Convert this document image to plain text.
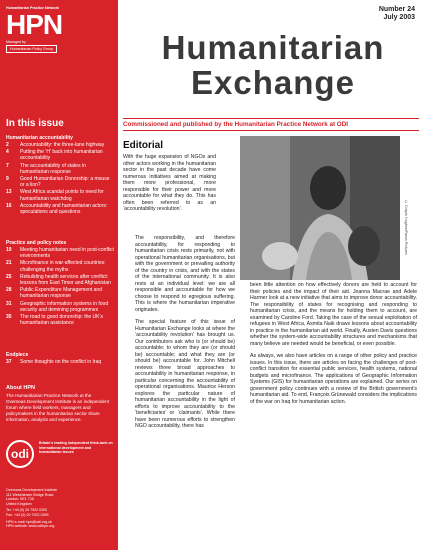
Humanitarian Practice Network
HPN
Managed by
Humanitarian Policy Group
In this issue
Humanitarian accountability
2	Accountability: the three-lane highway
4	Putting the ‘H’ back into humanitarian accountability
7	The accountability of states in humanitarian response
9	Good Humanitarian Donorship: a mouse or a lion?
13	West Africa scandal points to need for humanitarian watchdog
16	Accountability and humanitarian actors: speculations and questions
Practice and policy notes
19	Meeting humanitarian need in post-conflict environments
21	Microfinance in war-affected countries: challenging the myths
25	Rebuilding health services after conflict: lessons from East Timor and Afghanistan
28	Public Expenditure Management and humanitarian response
31	Geographic information systems in food security and demining programmes
35	The road to good donorship: the UK’s humanitarian assistance
Endpiece
37	Some thoughts on the conflict in Iraq
About HPN
The Humanitarian Practice Network at the Overseas Development Institute is an independent forum where field workers, managers and policymakers in the humanitarian sector share information, analysis and experience.
odi
Britain’s leading independent think-tank on international development and humanitarian issues
Overseas Development Institute
111 Westminster Bridge Road
London, SE1 7JD
United Kingdom
Tel. +44 (0) 20 7922 0300
Fax. +44 (0) 20 7922 0399
HPN e-mail: hpn@odi.org.uk
HPN website: www.odihpn.org
Number 24
July 2003
Humanitarian
Exchange
Commissioned and published by the Humanitarian Practice Network at ODI
Editorial

With the huge expansion of NGOs and other actors working in the humanitarian sector in the past decade have come numerous initiatives aimed at making them more professional, more responsible for their power and more accountable for what they do. This has often been referred to as an ‘accountability revolution’.

The responsibility, and therefore accountability, for responding to humanitarian crisis rests primarily, not with operational humanitarian organisations, but with the government or prevailing authority of the country in crisis, and with the states of the international community. It is also rests at an individual level: we are all responsible and accountable for how we choose to respond to egregious suffering. This is where the humanitarian imperative originates.

The special feature of this issue of Humanitarian Exchange looks at where the ‘accountability revolution’ has brought us. Our contributors ask who is (or should be) accountable; to whom they are (or should be) accountable; and what they are (or should be) accountable for. John Mitchell reviews three broad approaches to accountability in humanitarian response, in particular concerning the accountability of operational organisations. Maurice Herson explores the particular nature of humanitarian accountability in the light of efforts to improve accountability to the ‘beneficiaries’ or ‘claimants’. While there have been numerous efforts to strengthen NGO accountability, there has

been little attention on how effectively donors are held to account for their policies and the impact of their aid. Joanna Macrae and Adele Harmer look at a new initiative that aims to improve donor accountability. The responsibility of states for recognising and responding to humanitarian crisis, and the means for holding them to account, are examined by Caroline Ford. Taking the case of the sexual exploitation of refugees in West Africa, Asmita Naik draws lessons about accountability in practice in the humanitarian aid world. Finally, Austen Davis questions whether the system-wide accountability structures and mechanisms that many believe are needed would be beneficial, or even possible.

As always, we also have articles on a range of other policy and practice issues. In this issue, there are articles on facing the challenges of post-conflict transition for essential public services, health systems, national budgets and microfinance. The applications of Geographic Information Systems (GIS) for humanitarian operations are explained. Our series on government policy continues with a review of the British government’s humanitarian aid. To end, François Grünewald considers the implications of the war on Iraq for humanitarian action.

© Crispin Hughes/Panos Pictures
